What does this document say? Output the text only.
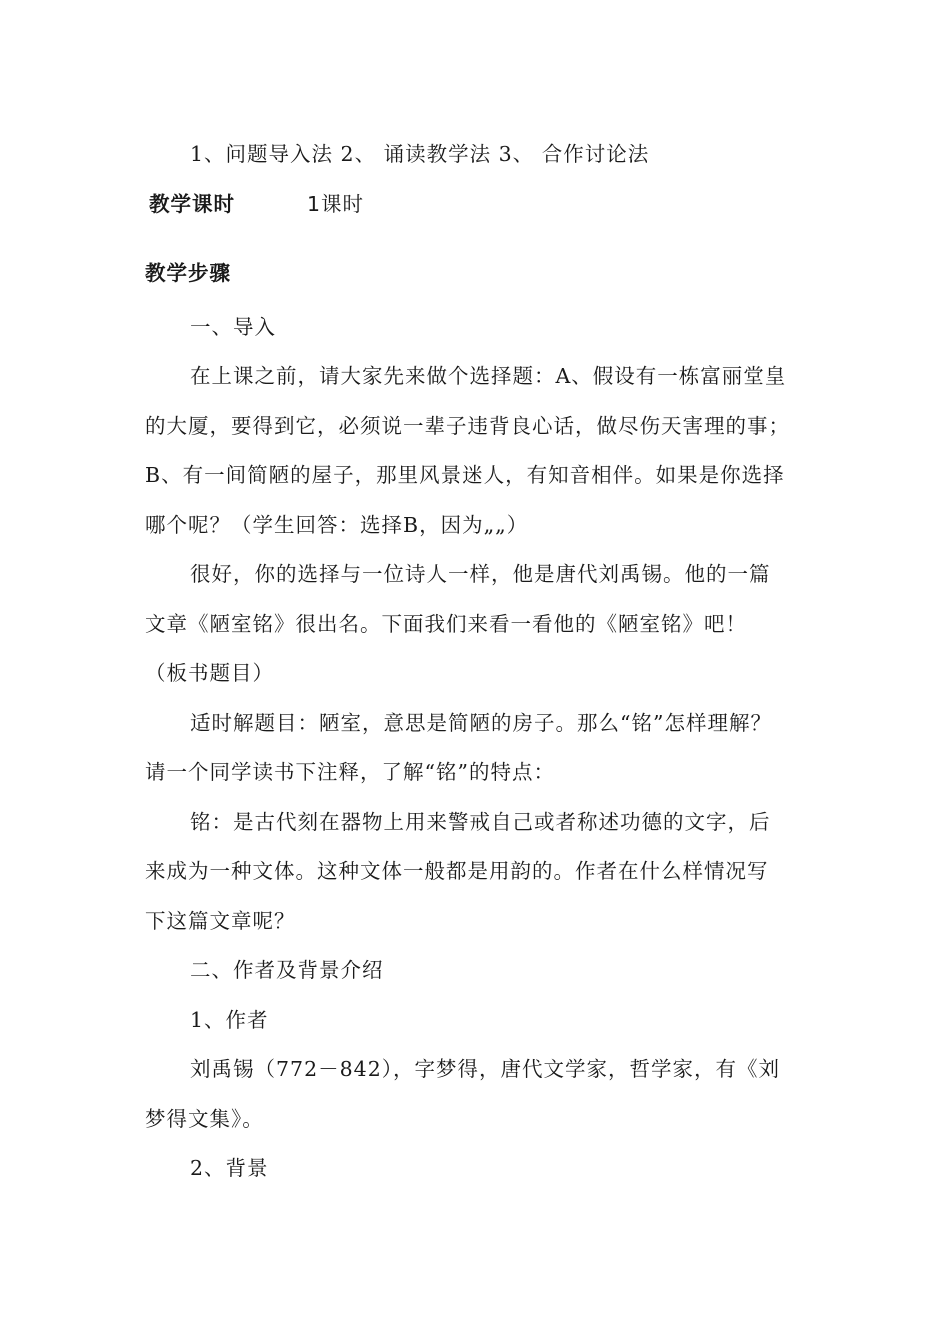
1、问题导入法 2、 诵读教学法 3、 合作讨论法
教学课时	1课时
教学步骤
一、导入
在上课之前，请大家先来做个选择题：A、假设有一栋富丽堂皇
的大厦，要得到它，必须说一辈子违背良心话，做尽伤天害理的事；
B、有一间简陋的屋子，那里风景迷人，有知音相伴。如果是你选择
哪个呢？（学生回答：选择B，因为„„）
很好，你的选择与一位诗人一样，他是唐代刘禹锡。他的一篇
文章《陋室铭》很出名。下面我们来看一看他的《陋室铭》吧！
（板书题目）
适时解题目：陋室，意思是简陋的房子。那么“铭”怎样理解？
请一个同学读书下注释，了解“铭”的特点：
铭：是古代刻在器物上用来警戒自己或者称述功德的文字，后
来成为一种文体。这种文体一般都是用韵的。作者在什么样情况写
下这篇文章呢？
二、作者及背景介绍
1、作者
刘禹锡（772－842），字梦得，唐代文学家，哲学家，有《刘
梦得文集》。
2、背景
